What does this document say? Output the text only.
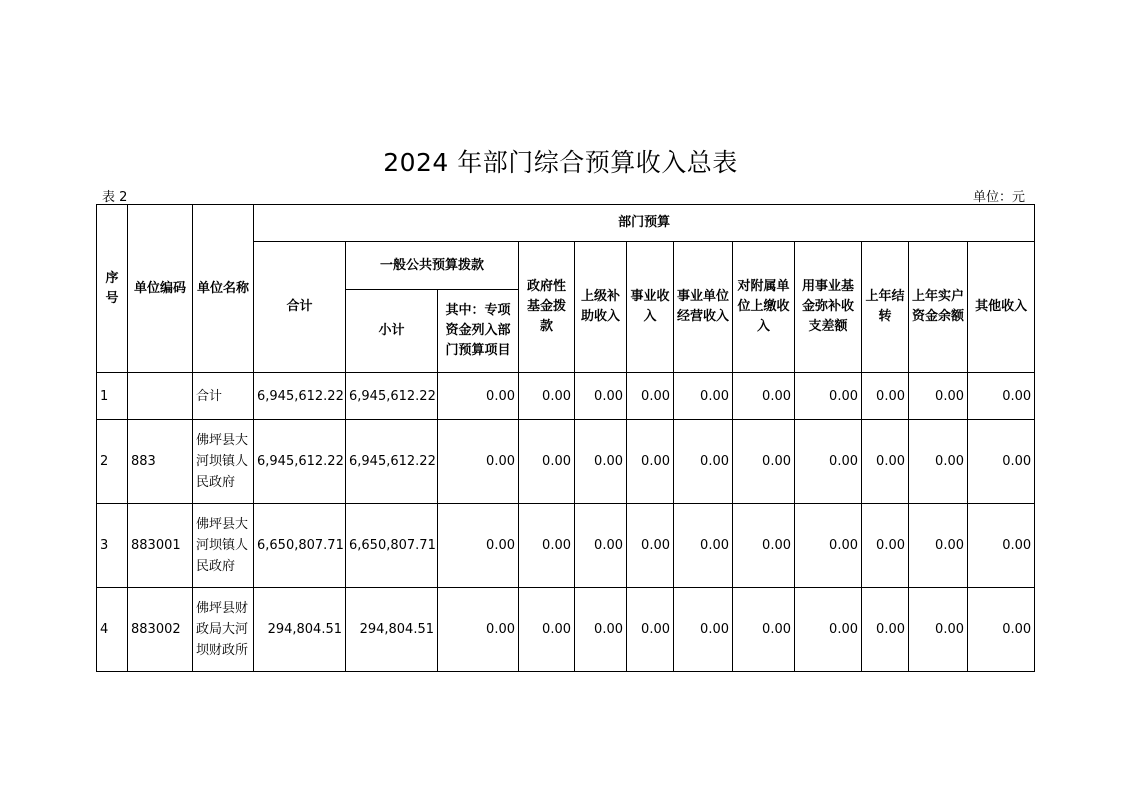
2024 年部门综合预算收入总表
表 2	单位：元
序号	单位编码	单位名称	部门预算											
			合计	一般公共预算拨款		政府性基金拨款	上级补助收入	事业收入	事业单位经营收入	对附属单位上缴收入	用事业基金弥补收支差额	上年结转	上年实户资金余额	其他收入
				小计	其中：专项资金列入部门预算项目									
1		合计	6,945,612.22	6,945,612.22	0.00	0.00	0.00	0.00	0.00	0.00	0.00	0.00	0.00	0.00
2	883	佛坪县大河坝镇人民政府	6,945,612.22	6,945,612.22	0.00	0.00	0.00	0.00	0.00	0.00	0.00	0.00	0.00	0.00
3	883001	佛坪县大河坝镇人民政府	6,650,807.71	6,650,807.71	0.00	0.00	0.00	0.00	0.00	0.00	0.00	0.00	0.00	0.00
4	883002	佛坪县财政局大河坝财政所	294,804.51	294,804.51	0.00	0.00	0.00	0.00	0.00	0.00	0.00	0.00	0.00	0.00
